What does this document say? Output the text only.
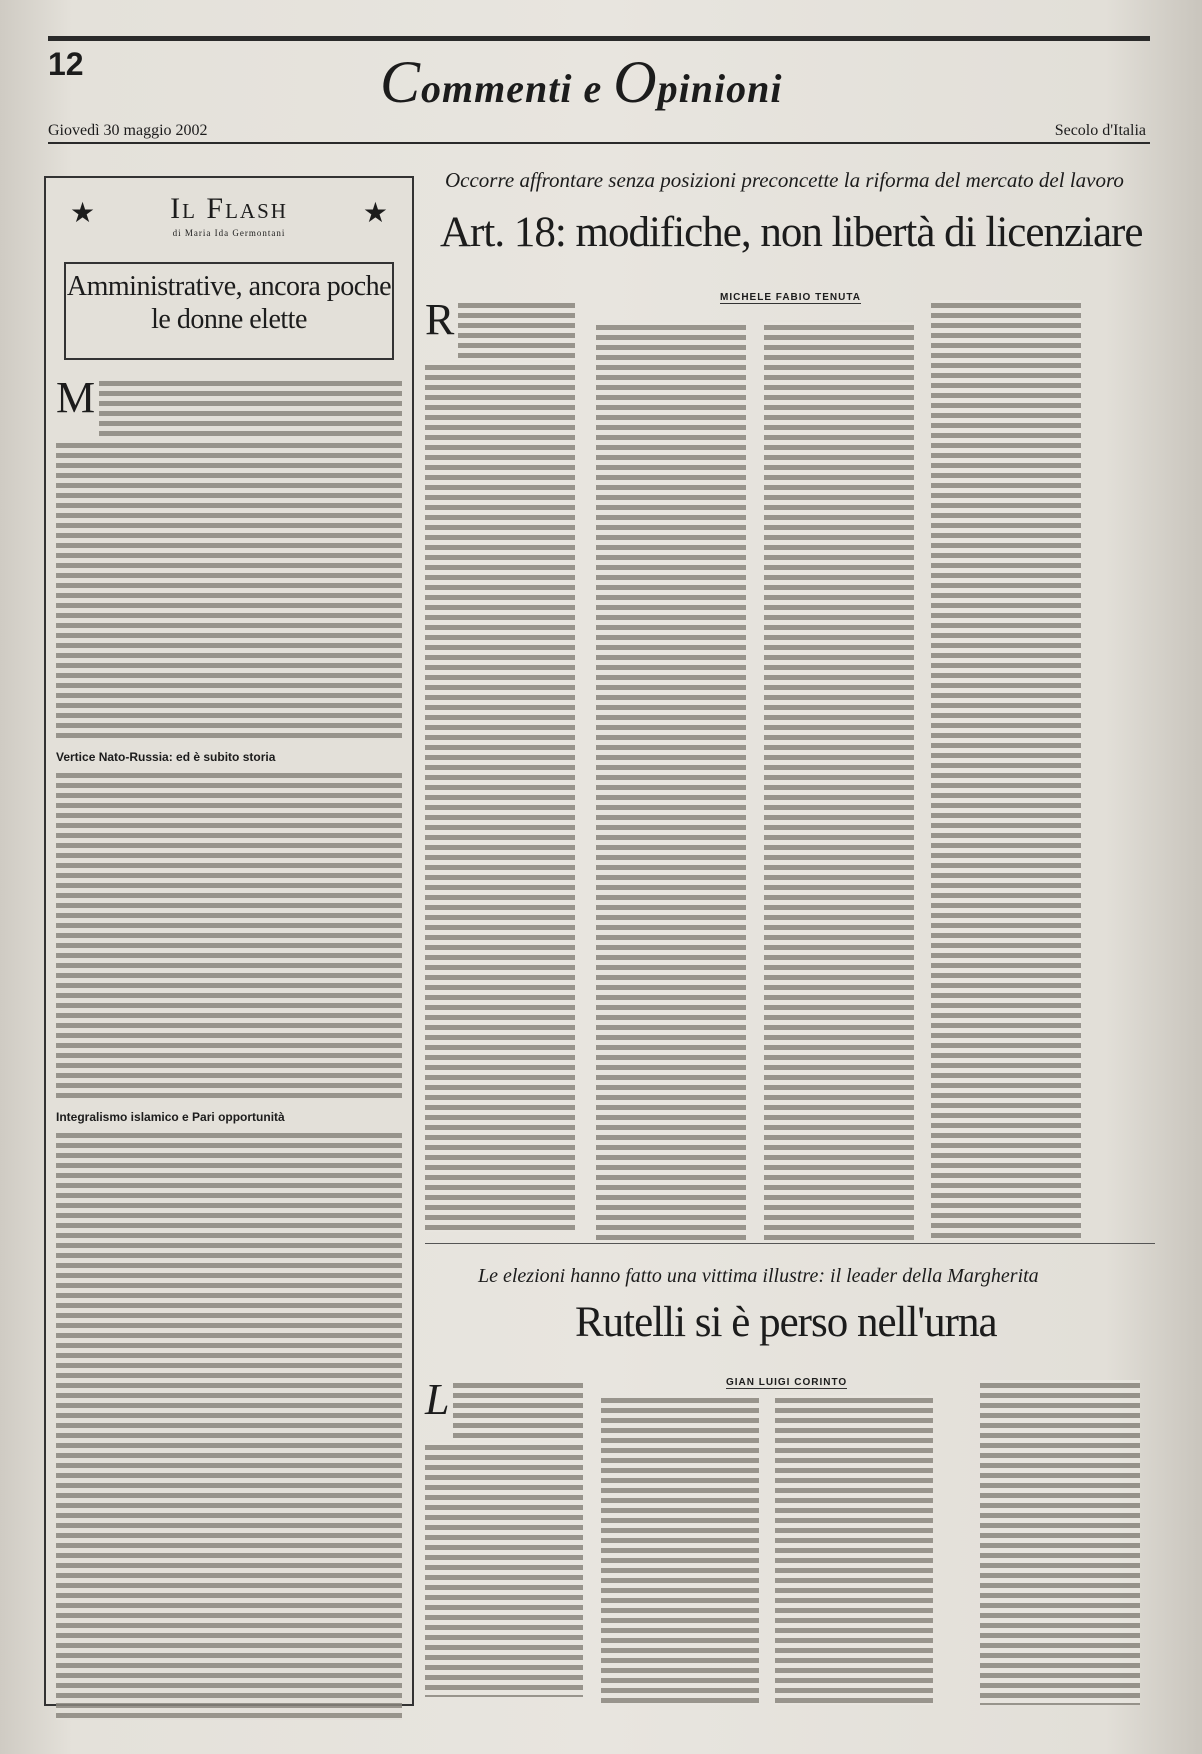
12	Commenti e Opinioni
Giovedì 30 maggio 2002	Secolo d'Italia
★	Il Flash
di Maria Ida Germontani
★
Amministrative, ancora poche le donne elette
M
Vertice Nato-Russia: ed è subito storia
Integralismo islamico e Pari opportunità
Occorre affrontare senza posizioni preconcette la riforma del mercato del lavoro
Art. 18: modifiche, non libertà di licenziare
MICHELE FABIO TENUTA
R
Le elezioni hanno fatto una vittima illustre: il leader della Margherita
Rutelli si è perso nell'urna
GIAN LUIGI CORINTO
L
